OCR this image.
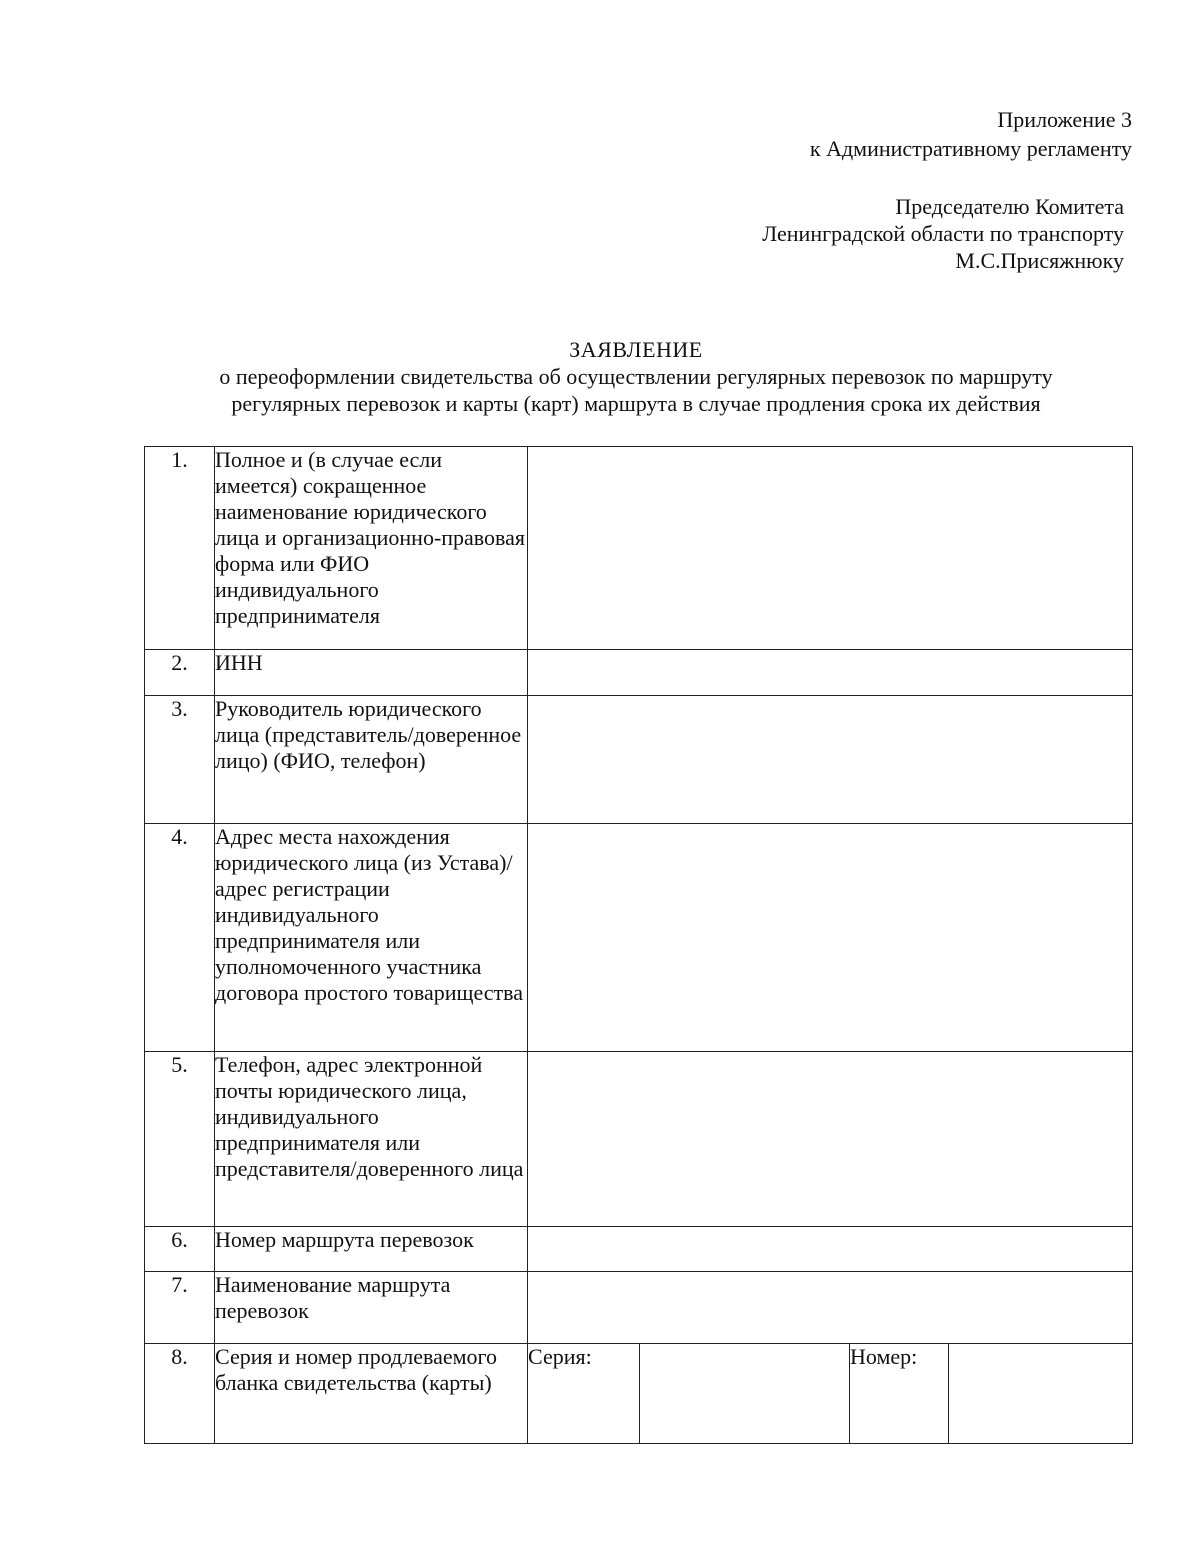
Приложение 3
к Административному регламенту
Председателю Комитета
Ленинградской области по транспорту
М.С.Присяжнюку
ЗАЯВЛЕНИЕ
о переоформлении свидетельства об осуществлении регулярных перевозок по маршруту
регулярных перевозок и карты (карт) маршрута в случае продления срока их действия
1.	Полное и (в случае если имеется) сокращенное наименование юридического лица и организационно-правовая форма или ФИО индивидуального предпринимателя				
2.	ИНН				
3.	Руководитель юридического лица (представитель/доверенное лицо) (ФИО, телефон)				
4.	Адрес места нахождения юридического лица (из Устава)/адрес регистрации индивидуального предпринимателя или уполномоченного участника договора простого товарищества				
5.	Телефон, адрес электронной почты юридического лица, индивидуального предпринимателя или представителя/доверенного лица				
6.	Номер маршрута перевозок				
7.	Наименование маршрута перевозок				
8.	Серия и номер продлеваемого бланка свидетельства (карты)	Серия:		Номер:	
